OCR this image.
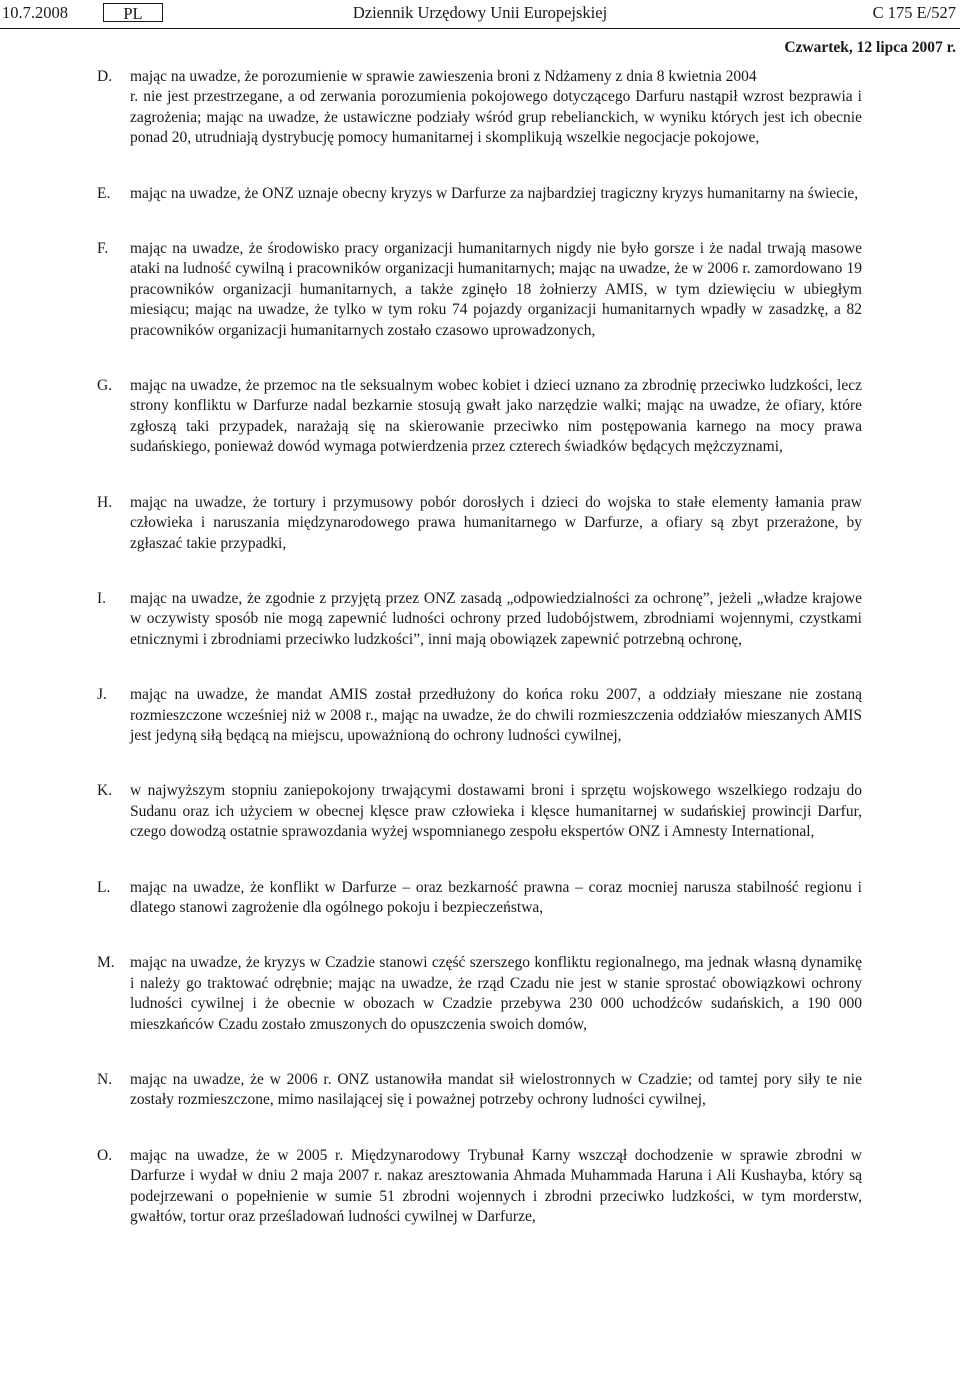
10.7.2008	PL	Dziennik Urzędowy Unii Europejskiej	C 175 E/527
Czwartek, 12 lipca 2007 r.
D. mając na uwadze, że porozumienie w sprawie zawieszenia broni z Ndżameny z dnia 8 kwietnia 2004
r. nie jest przestrzegane, a od zerwania porozumienia pokojowego dotyczącego Darfuru nastąpił wzrost bezprawia i zagrożenia; mając na uwadze, że ustawiczne podziały wśród grup rebelianckich, w wyniku których jest ich obecnie ponad 20, utrudniają dystrybucję pomocy humanitarnej i skomplikują wszelkie negocjacje pokojowe,
E. mając na uwadze, że ONZ uznaje obecny kryzys w Darfurze za najbardziej tragiczny kryzys humanitarny na świecie,
F. mając na uwadze, że środowisko pracy organizacji humanitarnych nigdy nie było gorsze i że nadal trwają masowe ataki na ludność cywilną i pracowników organizacji humanitarnych; mając na uwadze, że w 2006 r. zamordowano 19 pracowników organizacji humanitarnych, a także zginęło 18 żołnierzy AMIS, w tym dziewięciu w ubiegłym miesiącu; mając na uwadze, że tylko w tym roku 74 pojazdy organizacji humanitarnych wpadły w zasadzkę, a 82 pracowników organizacji humanitarnych zostało czasowo uprowadzonych,
G. mając na uwadze, że przemoc na tle seksualnym wobec kobiet i dzieci uznano za zbrodnię przeciwko ludzkości, lecz strony konfliktu w Darfurze nadal bezkarnie stosują gwałt jako narzędzie walki; mając na uwadze, że ofiary, które zgłoszą taki przypadek, narażają się na skierowanie przeciwko nim postępowania karnego na mocy prawa sudańskiego, ponieważ dowód wymaga potwierdzenia przez czterech świadków będących mężczyznami,
H. mając na uwadze, że tortury i przymusowy pobór dorosłych i dzieci do wojska to stałe elementy łamania praw człowieka i naruszania międzynarodowego prawa humanitarnego w Darfurze, a ofiary są zbyt przerażone, by zgłaszać takie przypadki,
I. mając na uwadze, że zgodnie z przyjętą przez ONZ zasadą „odpowiedzialności za ochronę”, jeżeli „władze krajowe w oczywisty sposób nie mogą zapewnić ludności ochrony przed ludobójstwem, zbrodniami wojennymi, czystkami etnicznymi i zbrodniami przeciwko ludzkości”, inni mają obowiązek zapewnić potrzebną ochronę,
J. mając na uwadze, że mandat AMIS został przedłużony do końca roku 2007, a oddziały mieszane nie zostaną rozmieszczone wcześniej niż w 2008 r., mając na uwadze, że do chwili rozmieszczenia oddziałów mieszanych AMIS jest jedyną siłą będącą na miejscu, upoważnioną do ochrony ludności cywilnej,
K. w najwyższym stopniu zaniepokojony trwającymi dostawami broni i sprzętu wojskowego wszelkiego rodzaju do Sudanu oraz ich użyciem w obecnej klęsce praw człowieka i klęsce humanitarnej w sudańskiej prowincji Darfur, czego dowodzą ostatnie sprawozdania wyżej wspomnianego zespołu ekspertów ONZ i Amnesty International,
L. mając na uwadze, że konflikt w Darfurze – oraz bezkarność prawna – coraz mocniej narusza stabilność regionu i dlatego stanowi zagrożenie dla ogólnego pokoju i bezpieczeństwa,
M. mając na uwadze, że kryzys w Czadzie stanowi część szerszego konfliktu regionalnego, ma jednak własną dynamikę i należy go traktować odrębnie; mając na uwadze, że rząd Czadu nie jest w stanie sprostać obowiązkowi ochrony ludności cywilnej i że obecnie w obozach w Czadzie przebywa 230 000 uchodźców sudańskich, a 190 000 mieszkańców Czadu zostało zmuszonych do opuszczenia swoich domów,
N. mając na uwadze, że w 2006 r. ONZ ustanowiła mandat sił wielostronnych w Czadzie; od tamtej pory siły te nie zostały rozmieszczone, mimo nasilającej się i poważnej potrzeby ochrony ludności cywilnej,
O. mając na uwadze, że w 2005 r. Międzynarodowy Trybunał Karny wszczął dochodzenie w sprawie zbrodni w Darfurze i wydał w dniu 2 maja 2007 r. nakaz aresztowania Ahmada Muhammada Haruna i Ali Kushayba, który są podejrzewani o popełnienie w sumie 51 zbrodni wojennych i zbrodni przeciwko ludzkości, w tym morderstw, gwałtów, tortur oraz prześladowań ludności cywilnej w Darfurze,
